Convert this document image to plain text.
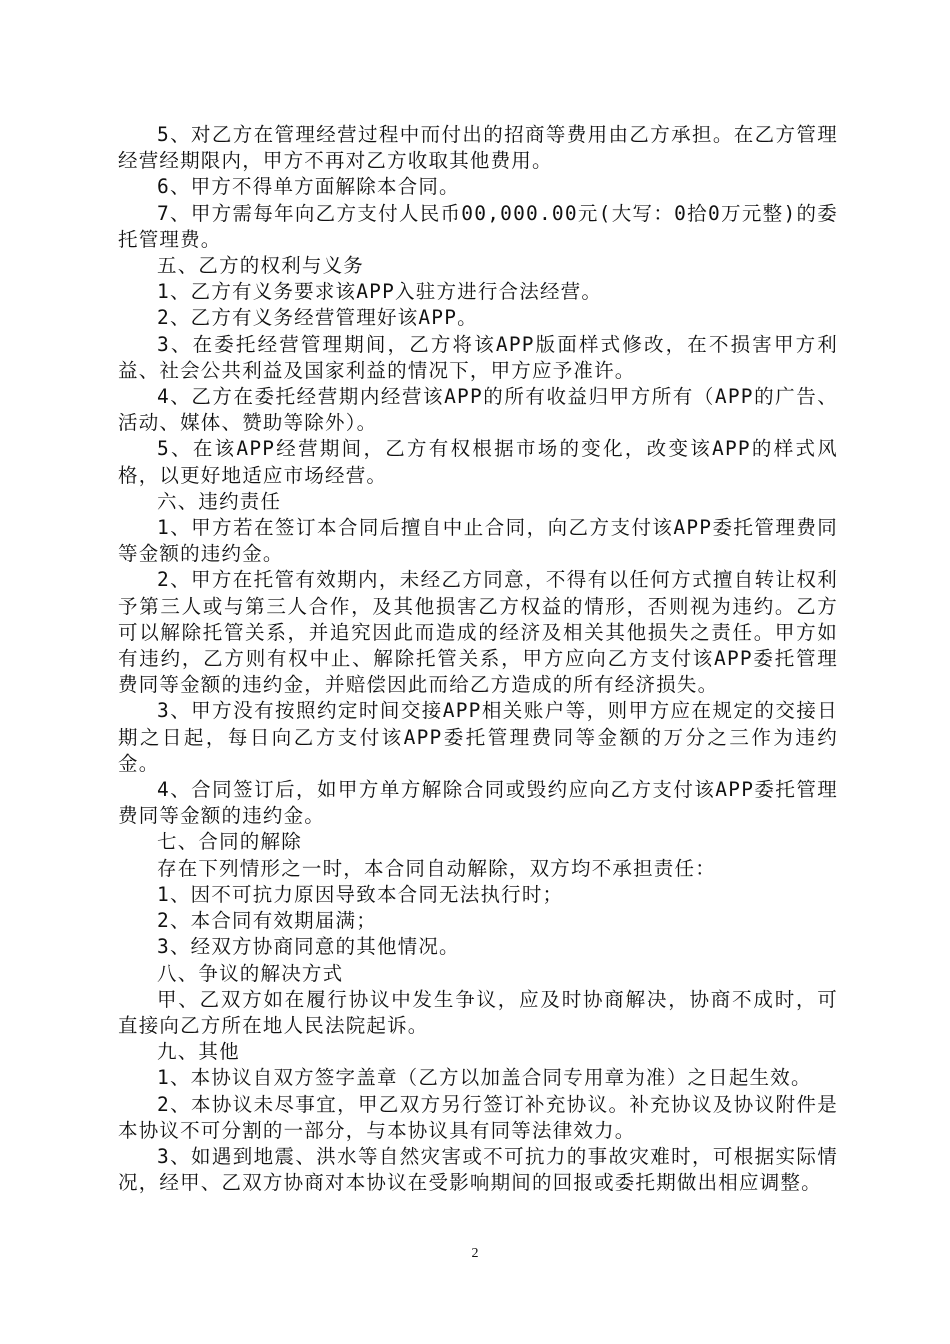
5、对乙方在管理经营过程中而付出的招商等费用由乙方承担。在乙方管理经营经期限内，甲方不再对乙方收取其他费用。

6、甲方不得单方面解除本合同。

7、甲方需每年向乙方支付人民币00,000.00元(大写：0拾0万元整)的委托管理费。

五、乙方的权利与义务

1、乙方有义务要求该APP入驻方进行合法经营。

2、乙方有义务经营管理好该APP。

3、在委托经营管理期间，乙方将该APP版面样式修改，在不损害甲方利益、社会公共利益及国家利益的情况下，甲方应予准许。

4、乙方在委托经营期内经营该APP的所有收益归甲方所有（APP的广告、活动、媒体、赞助等除外）。

5、在该APP经营期间，乙方有权根据市场的变化，改变该APP的样式风格，以更好地适应市场经营。

六、违约责任

1、甲方若在签订本合同后擅自中止合同，向乙方支付该APP委托管理费同等金额的违约金。

2、甲方在托管有效期内，未经乙方同意，不得有以任何方式擅自转让权利予第三人或与第三人合作，及其他损害乙方权益的情形，否则视为违约。乙方可以解除托管关系，并追究因此而造成的经济及相关其他损失之责任。甲方如有违约，乙方则有权中止、解除托管关系，甲方应向乙方支付该APP委托管理费同等金额的违约金，并赔偿因此而给乙方造成的所有经济损失。

3、甲方没有按照约定时间交接APP相关账户等，则甲方应在规定的交接日期之日起，每日向乙方支付该APP委托管理费同等金额的万分之三作为违约金。

4、合同签订后，如甲方单方解除合同或毁约应向乙方支付该APP委托管理费同等金额的违约金。

七、合同的解除

存在下列情形之一时，本合同自动解除，双方均不承担责任：

1、因不可抗力原因导致本合同无法执行时；

2、本合同有效期届满；

3、经双方协商同意的其他情况。

八、争议的解决方式

甲、乙双方如在履行协议中发生争议，应及时协商解决，协商不成时，可直接向乙方所在地人民法院起诉。

九、其他

1、本协议自双方签字盖章（乙方以加盖合同专用章为准）之日起生效。

2、本协议未尽事宜，甲乙双方另行签订补充协议。补充协议及协议附件是本协议不可分割的一部分，与本协议具有同等法律效力。

3、如遇到地震、洪水等自然灾害或不可抗力的事故灾难时，可根据实际情况，经甲、乙双方协商对本协议在受影响期间的回报或委托期做出相应调整。

2
